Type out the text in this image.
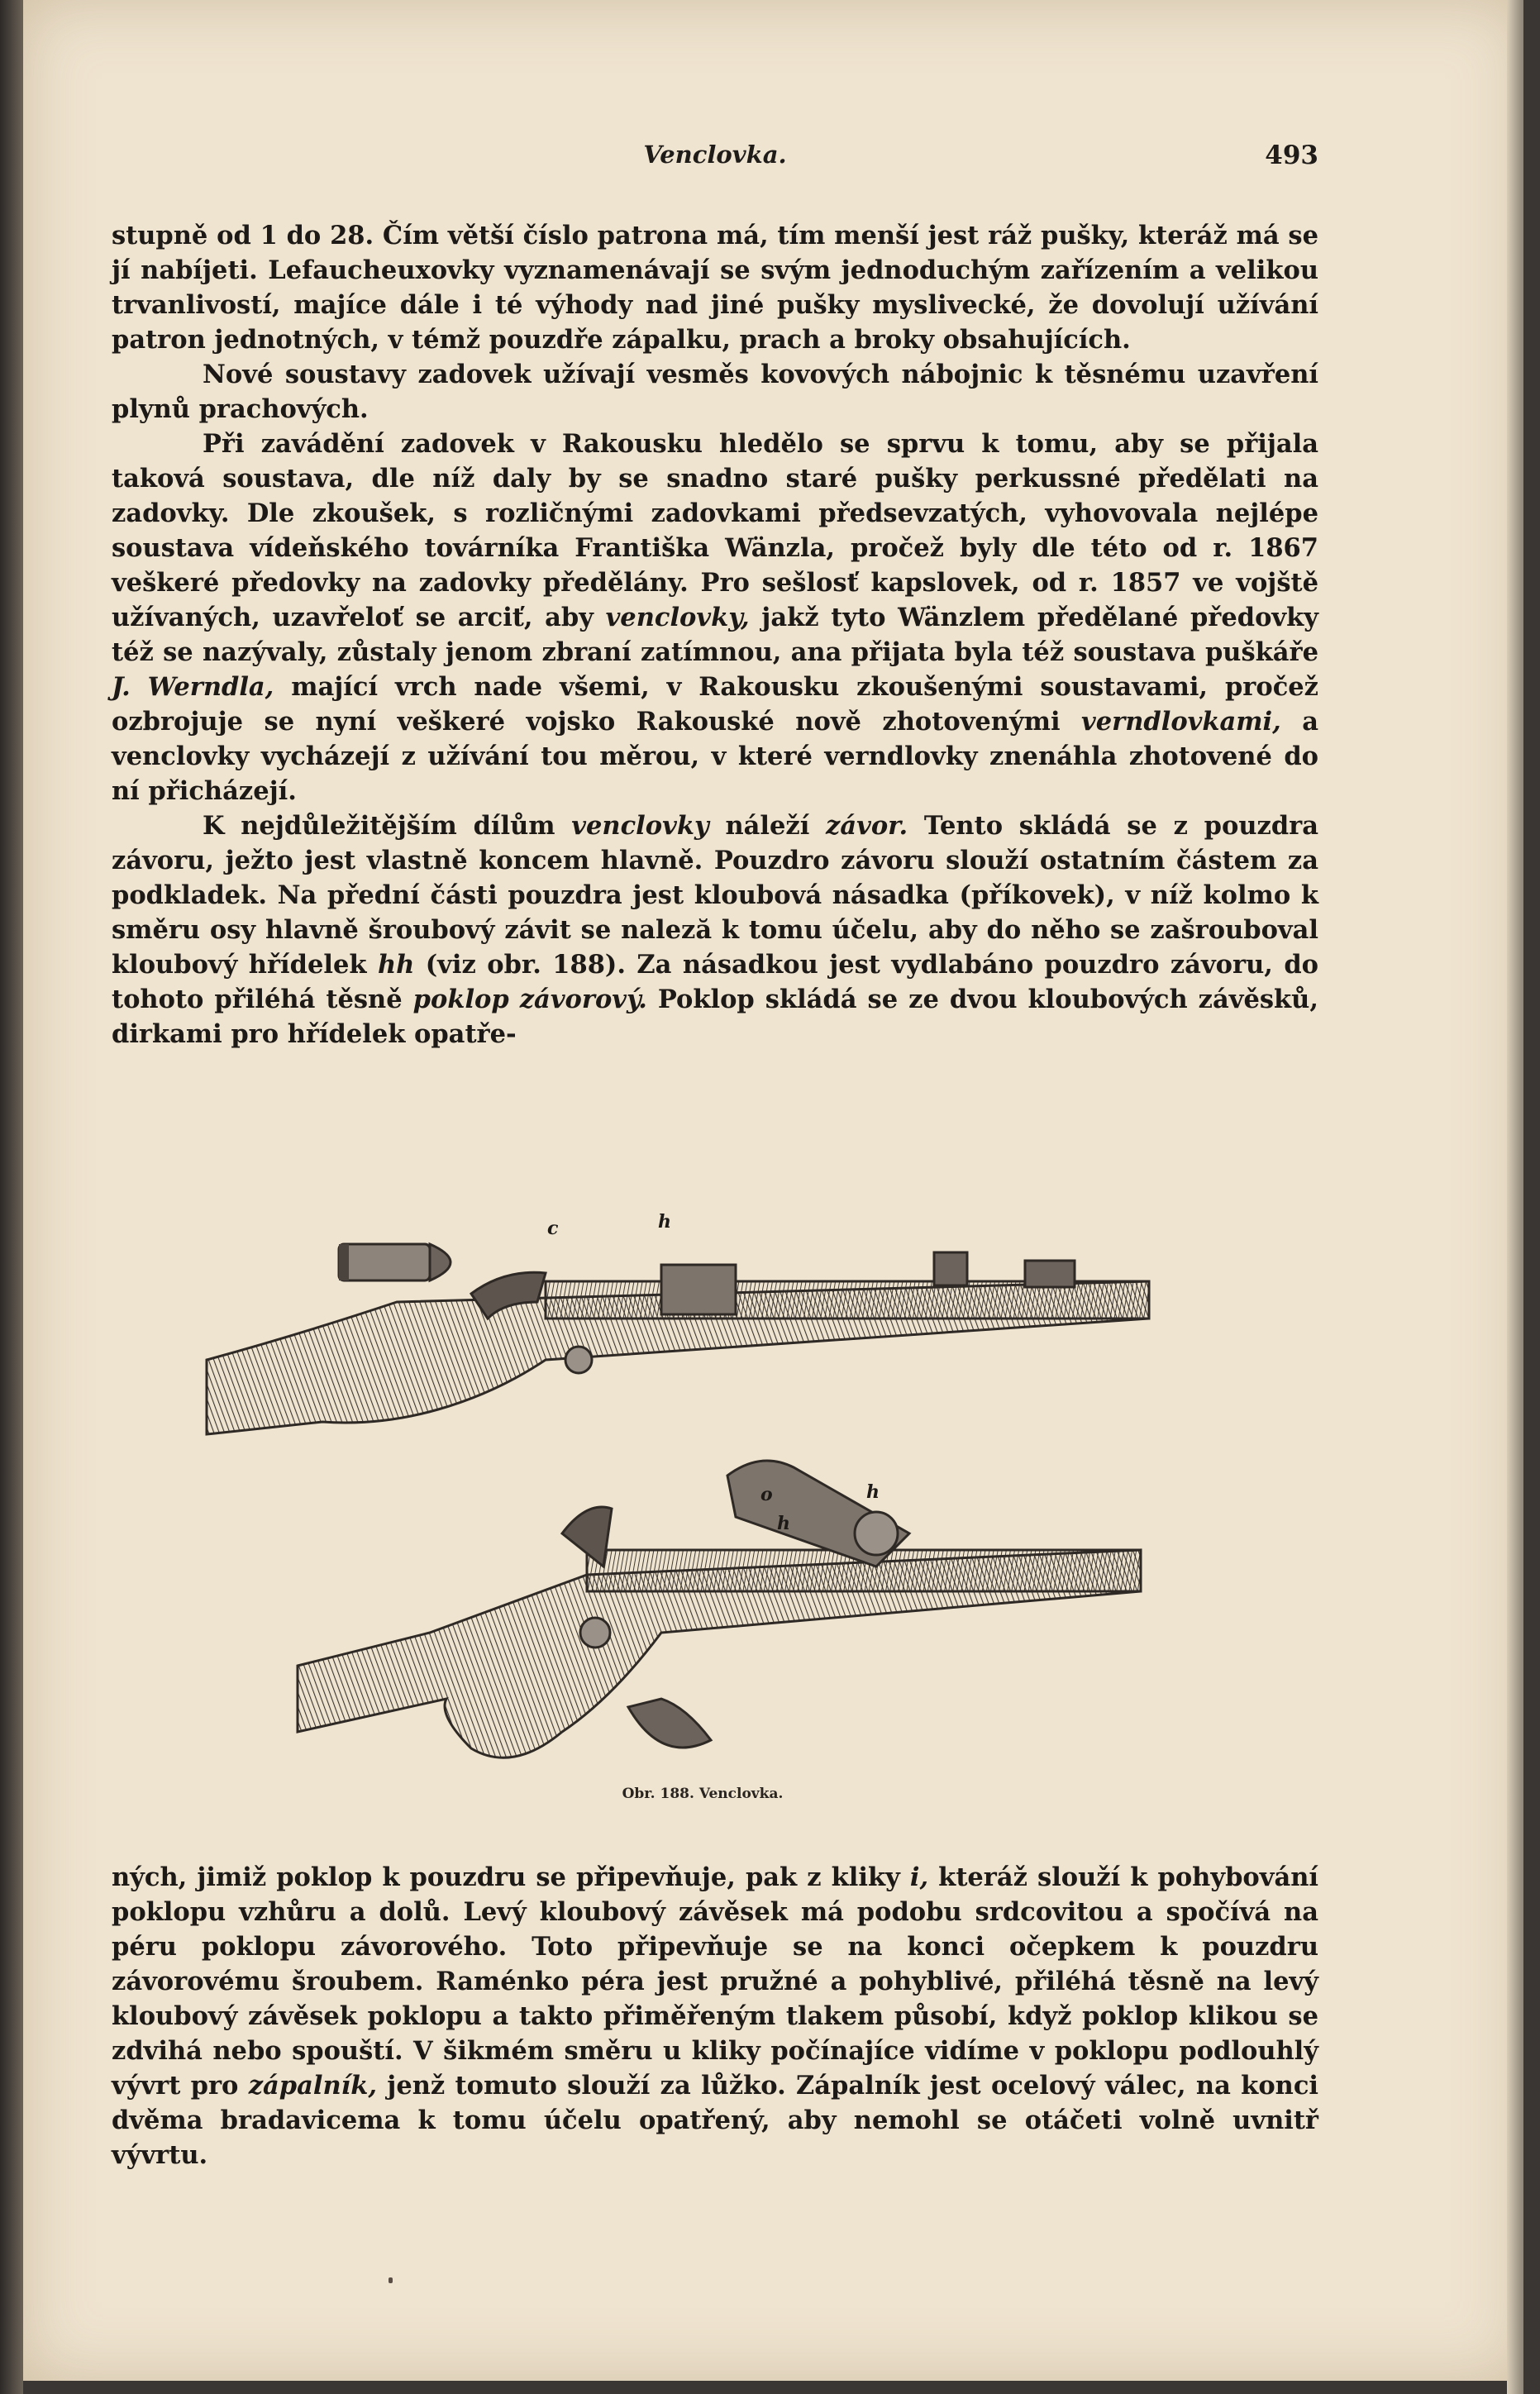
Venclovka.	493

stupně od 1 do 28. Čím větší číslo patrona má, tím menší jest ráž pušky, kteráž má se jí nabíjeti. Lefaucheuxovky vyznamenávají se svým jednoduchým zařízením a velikou trvanlivostí, majíce dále i té výhody nad jiné pušky myslivecké, že dovolují užívání patron jednotných, v témž pouzdře zápalku, prach a broky obsahujících.

Nové soustavy zadovek užívají vesměs kovových nábojnic k těsnému uzavření plynů prachových.

Při zavádění zadovek v Rakousku hledělo se sprvu k tomu, aby se přijala taková soustava, dle níž daly by se snadno staré pušky perkussné předělati na zadovky. Dle zkoušek, s rozličnými zadovkami předsevzatých, vyhovovala nejlépe soustava vídeňského továrníka Františka Wänzla, pročež byly dle této od r. 1867 veškeré předovky na zadovky předělány. Pro sešlosť kapslovek, od r. 1857 ve vojště užívaných, uzavřeloť se arciť, aby venclovky, jakž tyto Wänzlem předělané předovky též se nazývaly, zůstaly jenom zbraní zatímnou, ana přijata byla též soustava puškáře J. Werndla, mající vrch nade všemi, v Rakousku zkoušenými soustavami, pročež ozbrojuje se nyní veškeré vojsko Rakouské nově zhotovenými verndlovkami, a venclovky vycházejí z užívání tou měrou, v které verndlovky znenáhla zhotovené do ní přicházejí.

K nejdůležitějším dílům venclovky náleží závor. Tento skládá se z pouzdra závoru, ježto jest vlastně koncem hlavně. Pouzdro závoru slouží ostatním částem za podkladek. Na přední části pouzdra jest kloubová násadka (příkovek), v níž kolmo k směru osy hlavně šroubový závit se naleză k tomu účelu, aby do něho se zašrouboval kloubový hřídelek hh (viz obr. 188). Za násadkou jest vydlabáno pouzdro závoru, do tohoto přiléhá těsně poklop závorový. Poklop skládá se ze dvou kloubových závěsků, dirkami pro hřídelek opatře-

c	h
o
h
h
Obr. 188. Venclovka.

ných, jimiž poklop k pouzdru se připevňuje, pak z kliky i, kteráž slouží k pohybování poklopu vzhůru a dolů. Levý kloubový závěsek má podobu srdcovitou a spočívá na péru poklopu závorového. Toto připevňuje se na konci očepkem k pouzdru závorovému šroubem. Raménko péra jest pružné a pohyblivé, přiléhá těsně na levý kloubový závěsek poklopu a takto přiměřeným tlakem působí, když poklop klikou se zdvihá nebo spouští. V šikmém směru u kliky počínajíce vidíme v poklopu podlouhlý vývrt pro zápalník, jenž tomuto slouží za lůžko. Zápalník jest ocelový válec, na konci dvěma bradavicema k tomu účelu opatřený, aby nemohl se otáčeti volně uvnitř vývrtu.
